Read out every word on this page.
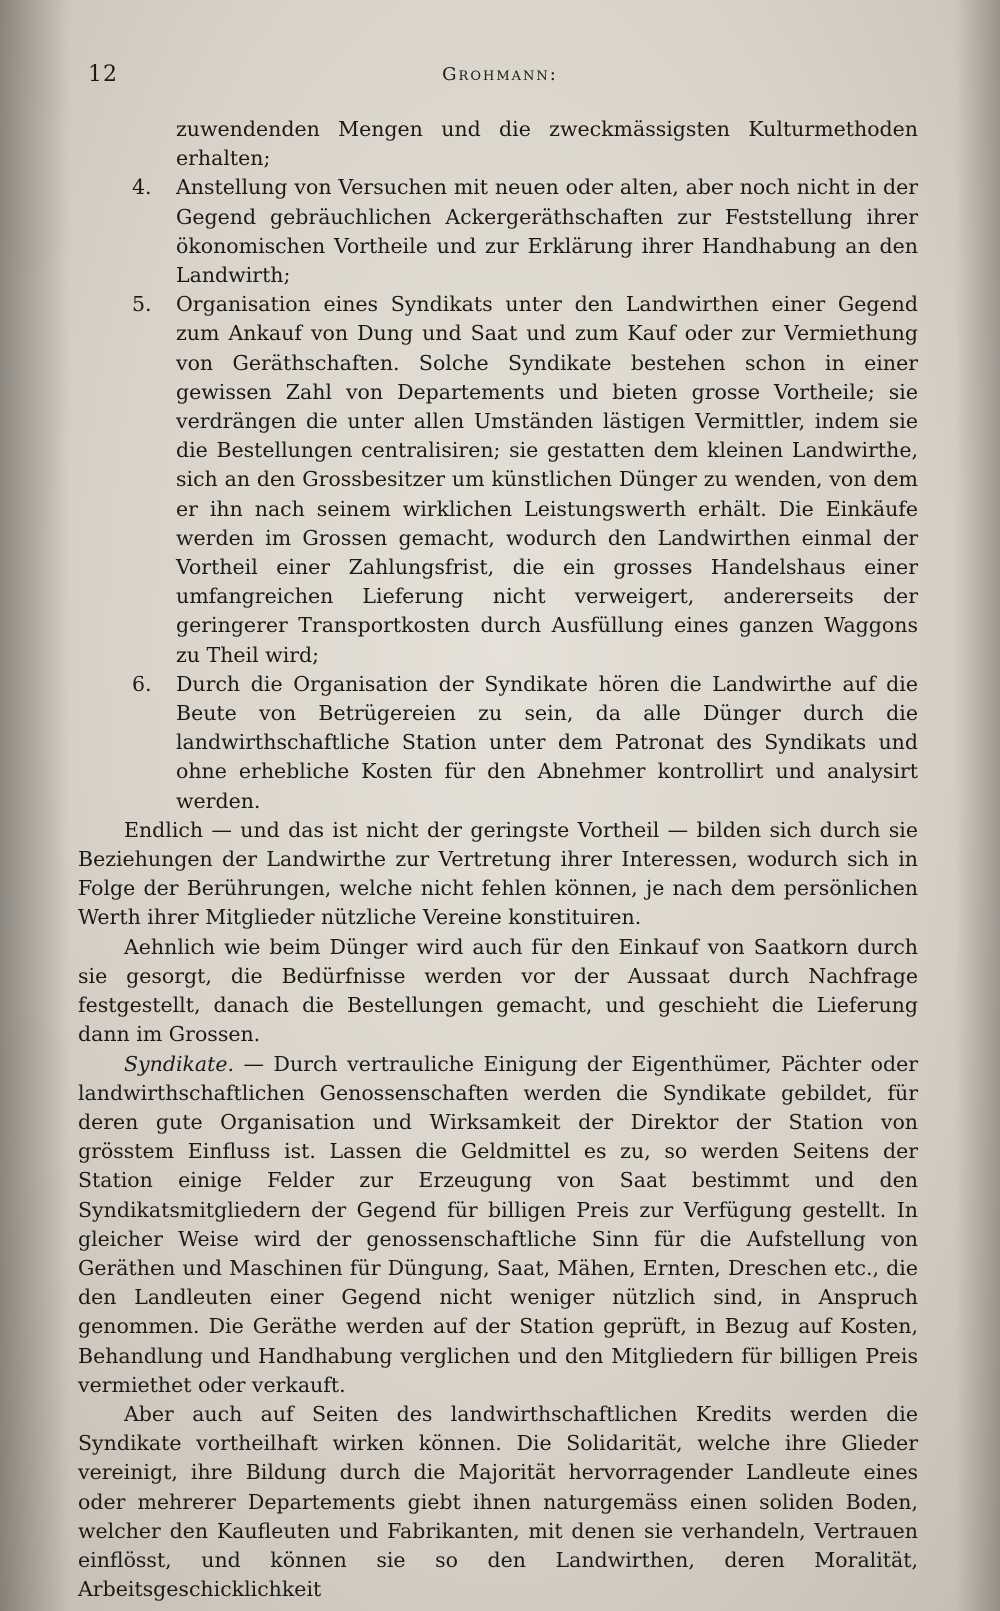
12	Grohmann:

zuwendenden Mengen und die zweckmässigsten Kulturmethoden erhalten;

4. Anstellung von Versuchen mit neuen oder alten, aber noch nicht in der Gegend gebräuchlichen Ackergeräthschaften zur Feststellung ihrer ökonomischen Vortheile und zur Erklärung ihrer Handhabung an den Landwirth;
5. Organisation eines Syndikats unter den Landwirthen einer Gegend zum Ankauf von Dung und Saat und zum Kauf oder zur Vermiethung von Geräthschaften. Solche Syndikate bestehen schon in einer gewissen Zahl von Departements und bieten grosse Vortheile; sie verdrängen die unter allen Umständen lästigen Vermittler, indem sie die Bestellungen centralisiren; sie gestatten dem kleinen Landwirthe, sich an den Grossbesitzer um künstlichen Dünger zu wenden, von dem er ihn nach seinem wirklichen Leistungswerth erhält. Die Einkäufe werden im Grossen gemacht, wodurch den Landwirthen einmal der Vortheil einer Zahlungsfrist, die ein grosses Handelshaus einer umfangreichen Lieferung nicht verweigert, andererseits der geringerer Transportkosten durch Ausfüllung eines ganzen Waggons zu Theil wird;
6. Durch die Organisation der Syndikate hören die Landwirthe auf die Beute von Betrügereien zu sein, da alle Dünger durch die landwirthschaftliche Station unter dem Patronat des Syndikats und ohne erhebliche Kosten für den Abnehmer kontrollirt und analysirt werden.

Endlich — und das ist nicht der geringste Vortheil — bilden sich durch sie Beziehungen der Landwirthe zur Vertretung ihrer Interessen, wodurch sich in Folge der Berührungen, welche nicht fehlen können, je nach dem persönlichen Werth ihrer Mitglieder nützliche Vereine konstituiren.

Aehnlich wie beim Dünger wird auch für den Einkauf von Saatkorn durch sie gesorgt, die Bedürfnisse werden vor der Aussaat durch Nachfrage festgestellt, danach die Bestellungen gemacht, und geschieht die Lieferung dann im Grossen.

Syndikate. — Durch vertrauliche Einigung der Eigenthümer, Pächter oder landwirthschaftlichen Genossenschaften werden die Syndikate gebildet, für deren gute Organisation und Wirksamkeit der Direktor der Station von grösstem Einfluss ist. Lassen die Geldmittel es zu, so werden Seitens der Station einige Felder zur Erzeugung von Saat bestimmt und den Syndikatsmitgliedern der Gegend für billigen Preis zur Verfügung gestellt. In gleicher Weise wird der genossenschaftliche Sinn für die Aufstellung von Geräthen und Maschinen für Düngung, Saat, Mähen, Ernten, Dreschen etc., die den Landleuten einer Gegend nicht weniger nützlich sind, in Anspruch genommen. Die Geräthe werden auf der Station geprüft, in Bezug auf Kosten, Behandlung und Handhabung verglichen und den Mitgliedern für billigen Preis vermiethet oder verkauft.

Aber auch auf Seiten des landwirthschaftlichen Kredits werden die Syndikate vortheilhaft wirken können. Die Solidarität, welche ihre Glieder vereinigt, ihre Bildung durch die Majorität hervorragender Landleute eines oder mehrerer Departements giebt ihnen naturgemäss einen soliden Boden, welcher den Kaufleuten und Fabrikanten, mit denen sie verhandeln, Vertrauen einflösst, und können sie so den Landwirthen, deren Moralität, Arbeitsgeschicklichkeit
